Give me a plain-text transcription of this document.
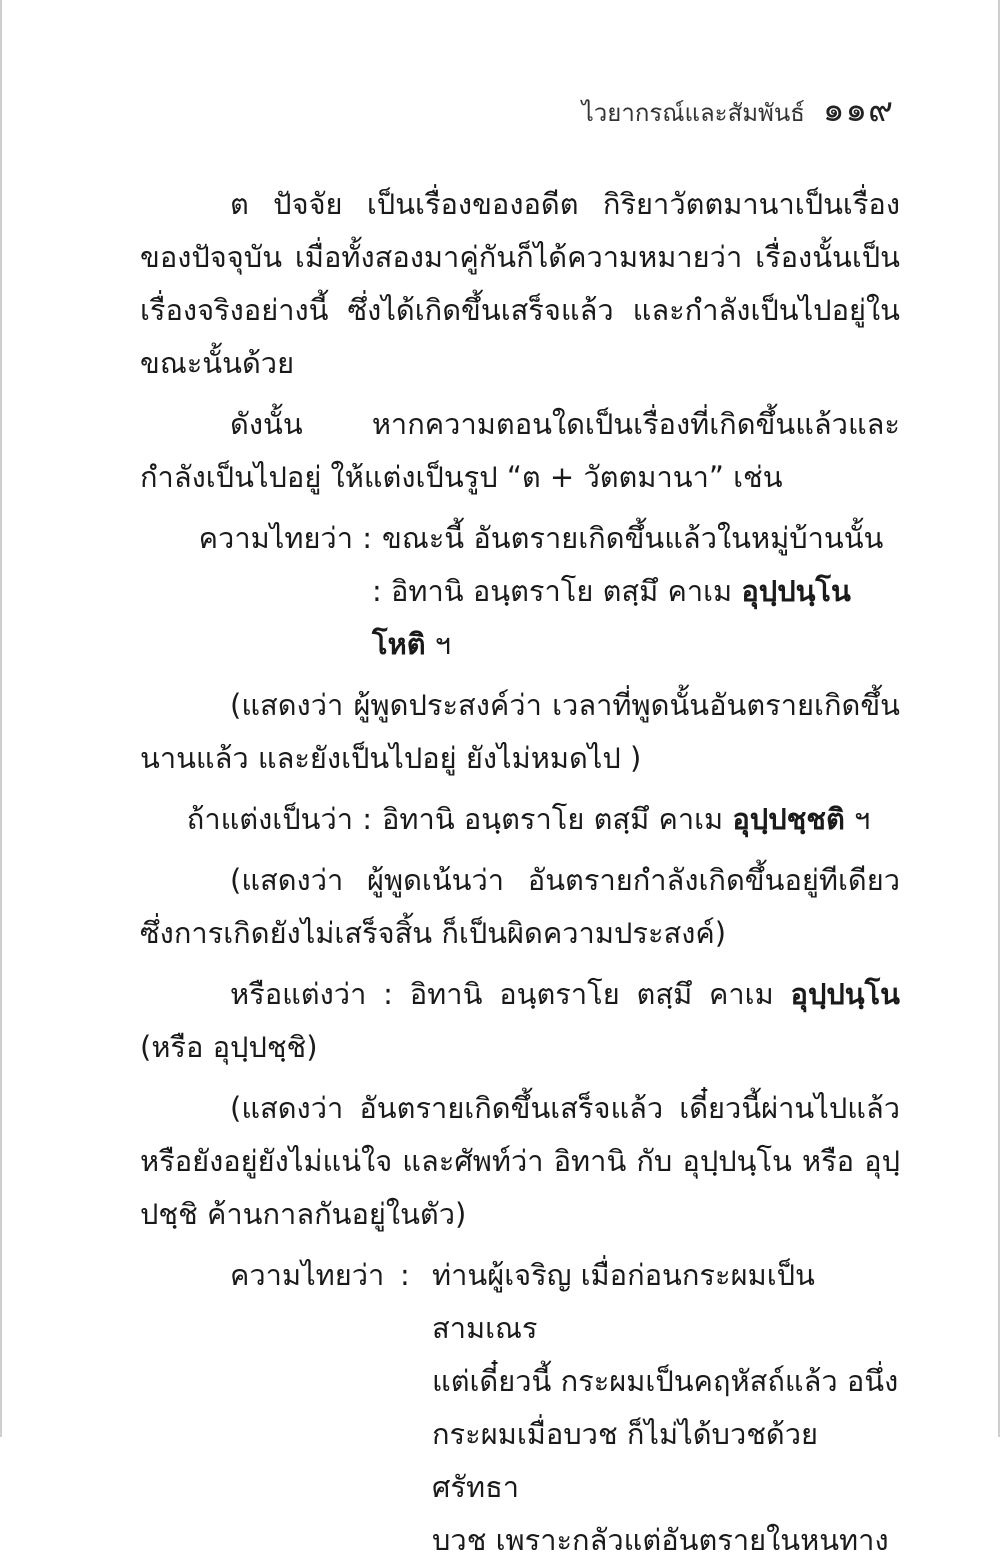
ไวยากรณ์และสัมพันธ์ ๑๑๙

ต ปัจจัย เป็นเรื่องของอดีต กิริยาวัตตมานาเป็นเรื่องของปัจจุบัน เมื่อทั้งสองมาคู่กันก็ได้ความหมายว่า เรื่องนั้นเป็นเรื่องจริงอย่างนี้ ซึ่งได้เกิดขึ้นเสร็จแล้ว และกำลังเป็นไปอยู่ในขณะนั้นด้วย

ดังนั้น หากความตอนใดเป็นเรื่องที่เกิดขึ้นแล้วและกำลังเป็นไปอยู่ ให้แต่งเป็นรูป “ต + วัตตมานา” เช่น

ความไทยว่า : ขณะนี้ อันตรายเกิดขึ้นแล้วในหมู่บ้านนั้น
: อิทานิ อนฺตราโย ตสฺมึ คาเม อุปฺปนฺโน โหติ ฯ

(แสดงว่า ผู้พูดประสงค์ว่า เวลาที่พูดนั้นอันตรายเกิดขึ้นนานแล้ว และยังเป็นไปอยู่ ยังไม่หมดไป )

ถ้าแต่งเป็นว่า : อิทานิ อนฺตราโย ตสฺมึ คาเม อุปฺปชฺชติ ฯ

(แสดงว่า ผู้พูดเน้นว่า อันตรายกำลังเกิดขึ้นอยู่ทีเดียว ซึ่งการเกิดยังไม่เสร็จสิ้น ก็เป็นผิดความประสงค์)

หรือแต่งว่า : อิทานิ อนฺตราโย ตสฺมึ คาเม อุปฺปนฺโน (หรือ อุปฺปชฺชิ)

(แสดงว่า อันตรายเกิดขึ้นเสร็จแล้ว เดี๋ยวนี้ผ่านไปแล้ว หรือยังอยู่ยังไม่แน่ใจ และศัพท์ว่า อิทานิ กับ อุปฺปนฺโน หรือ อุปฺปชฺชิ ค้านกาลกันอยู่ในตัว)

ความไทยว่า : ท่านผู้เจริญ เมื่อก่อนกระผมเป็นสามเณร
แต่เดี๋ยวนี้ กระผมเป็นคฤหัสถ์แล้ว อนึ่ง
กระผมเมื่อบวช ก็ไม่ได้บวชด้วยศรัทธา
บวช เพราะกลัวแต่อันตรายในหนทาง
